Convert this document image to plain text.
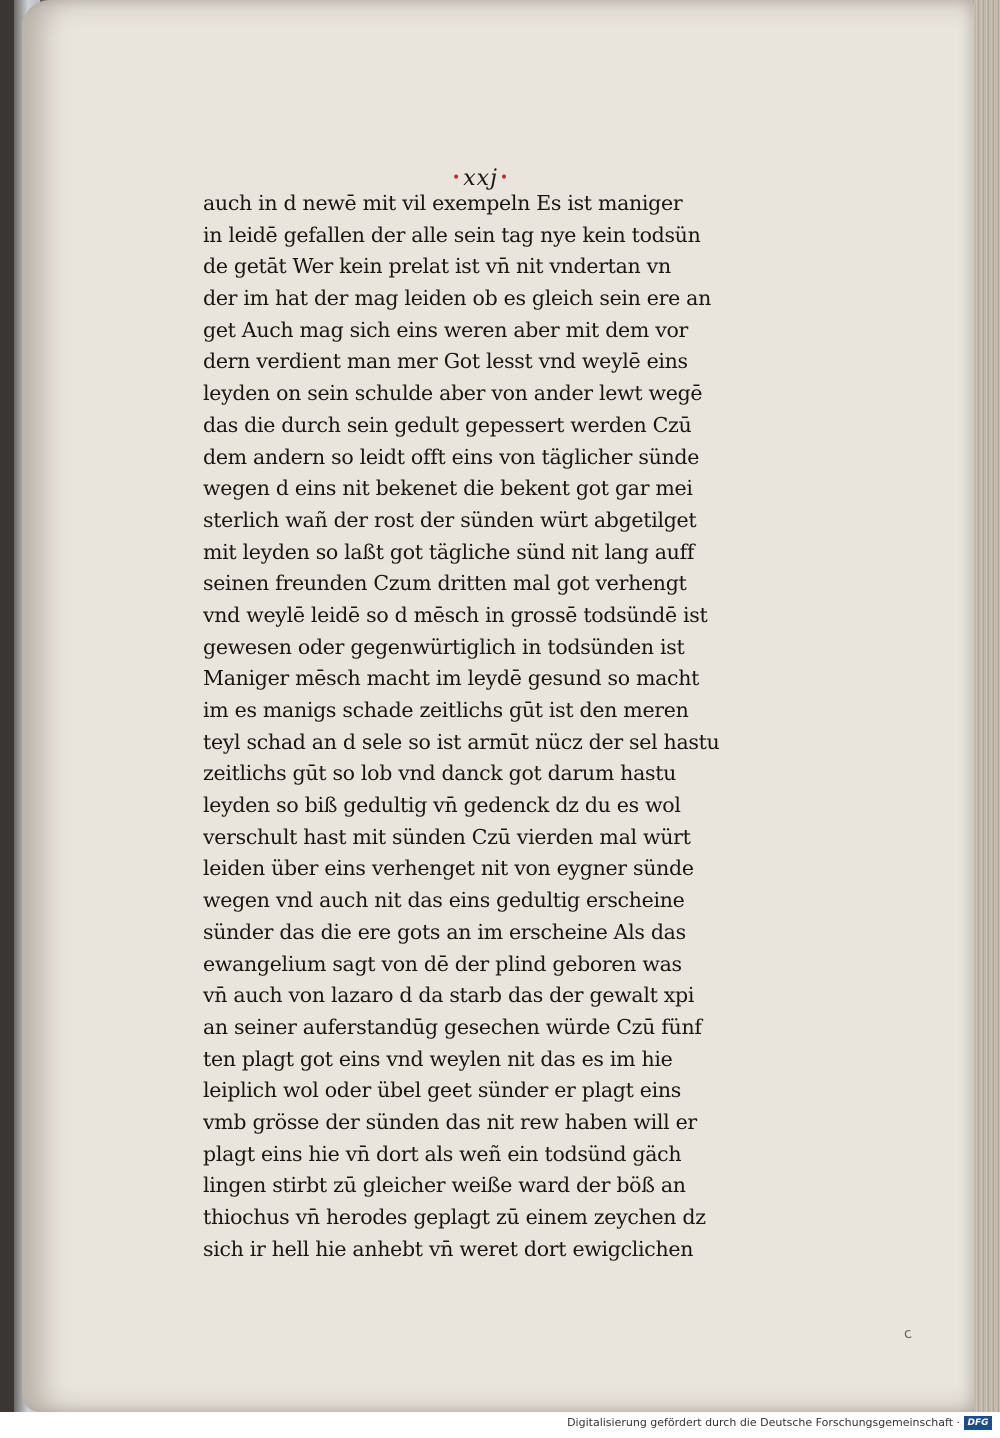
• xxj •

auch in d newē mit vil exempeln Es ist maniger
in leidē gefallen der alle sein tag nye kein todsün
de getāt Wer kein prelat ist vn̄ nit vndertan vn
der im hat der mag leiden ob es gleich sein ere an
get Auch mag sich eins weren aber mit dem vor
dern verdient man mer Got lesst vnd weylē eins
leyden on sein schulde aber von ander lewt wegē
das die durch sein gedult gepessert werden Czū
dem andern so leidt offt eins von täglicher sünde
wegen d eins nit bekenet die bekent got gar mei
sterlich wañ der rost der sünden würt abgetilget
mit leyden so laßt got tägliche sünd nit lang auff
seinen freunden Czum dritten mal got verhengt
vnd weylē leidē so d mēsch in grossē todsündē ist
gewesen oder gegenwürtiglich in todsünden ist
Maniger mēsch macht im leydē gesund so macht
im es manigs schade zeitlichs gūt ist den meren
teyl schad an d sele so ist armūt nücz der sel hastu
zeitlichs gūt so lob vnd danck got darum hastu
leyden so biß gedultig vn̄ gedenck dz du es wol
verschult hast mit sünden Czū vierden mal würt
leiden über eins verhenget nit von eygner sünde
wegen vnd auch nit das eins gedultig erscheine
sünder das die ere gots an im erscheine Als das
ewangelium sagt von dē der plind geboren was
vn̄ auch von lazaro d da starb das der gewalt xpi
an seiner auferstandūg gesechen würde Czū fünf
ten plagt got eins vnd weylen nit das es im hie
leiplich wol oder übel geet sünder er plagt eins
vmb grösse der sünden das nit rew haben will er
plagt eins hie vn̄ dort als weñ ein todsünd gäch
lingen stirbt zū gleicher weiße ward der böß an
thiochus vn̄ herodes geplagt zū einem zeychen dz
sich ir hell hie anhebt vn̄ weret dort ewigclichen
c
Digitalisierung gefördert durch die Deutsche Forschungsgemeinschaft · DFG
